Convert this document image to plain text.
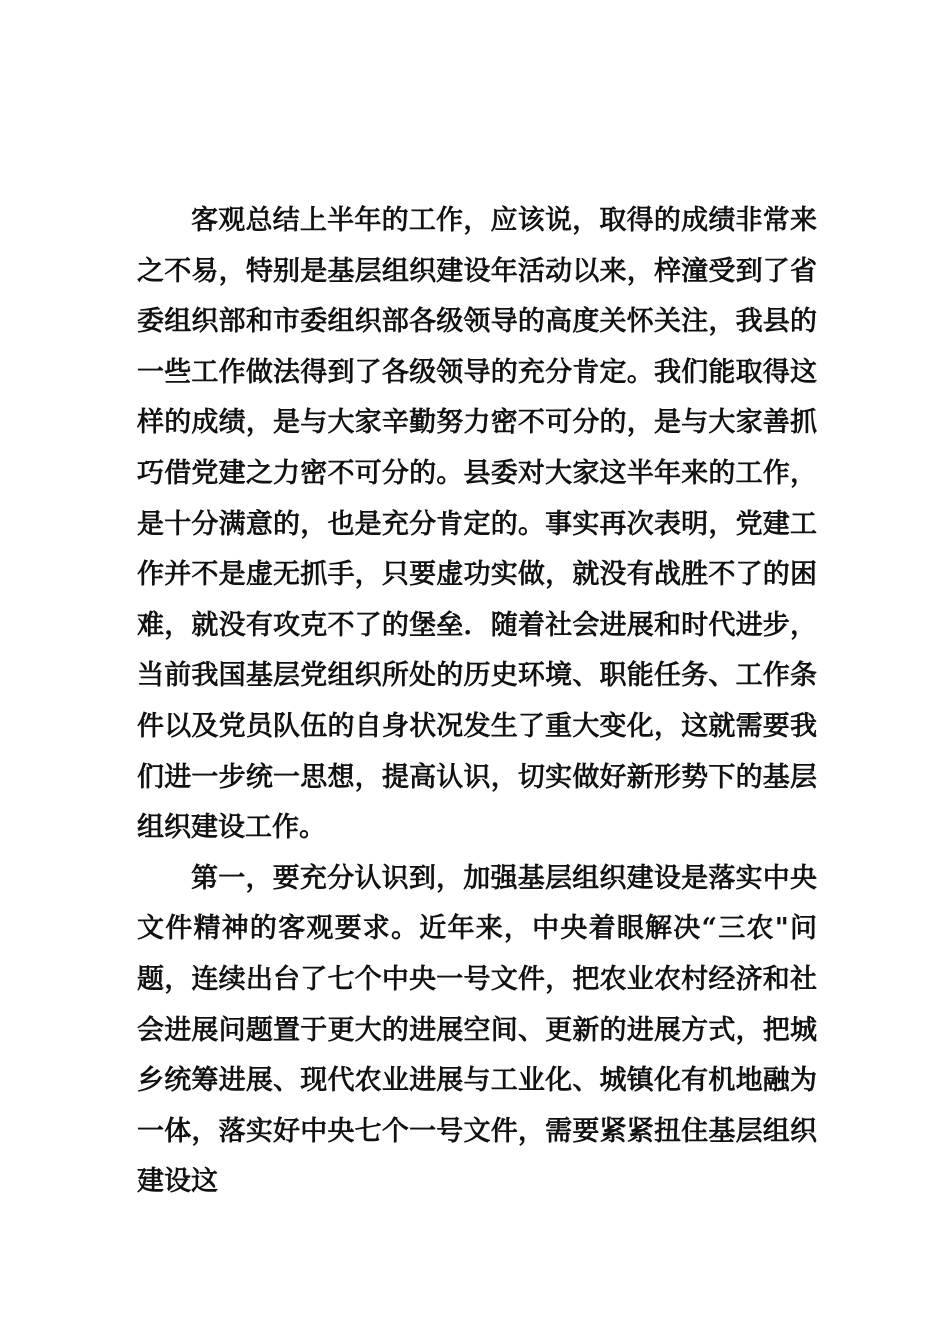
客观总结上半年的工作，应该说，取得的成绩非常来之不易，特别是基层组织建设年活动以来，梓潼受到了省委组织部和市委组织部各级领导的高度关怀关注，我县的一些工作做法得到了各级领导的充分肯定。我们能取得这样的成绩，是与大家辛勤努力密不可分的，是与大家善抓巧借党建之力密不可分的。县委对大家这半年来的工作，是十分满意的，也是充分肯定的。事实再次表明，党建工作并不是虚无抓手，只要虚功实做，就没有战胜不了的困难，就没有攻克不了的堡垒．随着社会进展和时代进步，当前我国基层党组织所处的历史环境、职能任务、工作条件以及党员队伍的自身状况发生了重大变化，这就需要我们进一步统一思想，提高认识，切实做好新形势下的基层组织建设工作。

第一，要充分认识到，加强基层组织建设是落实中央文件精神的客观要求。近年来，中央着眼解决“三农"问题，连续出台了七个中央一号文件，把农业农村经济和社会进展问题置于更大的进展空间、更新的进展方式，把城乡统筹进展、现代农业进展与工业化、城镇化有机地融为一体，落实好中央七个一号文件，需要紧紧扭住基层组织建设这
